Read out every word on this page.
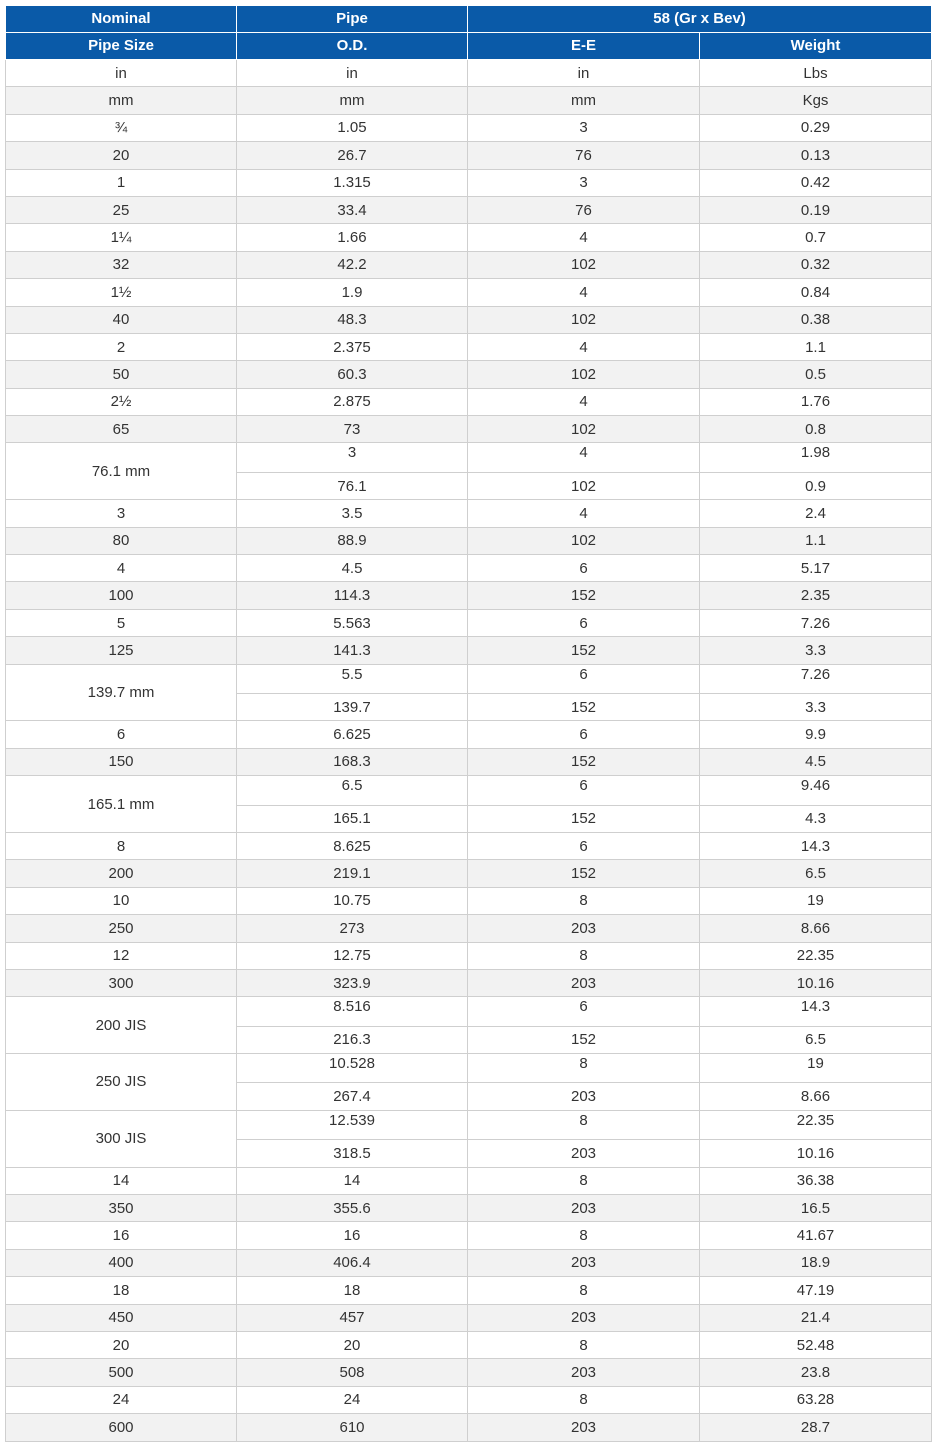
Nominal	Pipe	58 (Gr x Bev)	
Pipe Size	O.D.	E-E	Weight
in	in	in	Lbs
mm	mm	mm	Kgs
¾	1.05	3	0.29
20	26.7	76	0.13
1	1.315	3	0.42
25	33.4	76	0.19
1¼	1.66	4	0.7
32	42.2	102	0.32
1½	1.9	4	0.84
40	48.3	102	0.38
2	2.375	4	1.1
50	60.3	102	0.5
2½	2.875	4	1.76
65	73	102	0.8
76.1 mm	3	4	1.98
	76.1	102	0.9
3	3.5	4	2.4
80	88.9	102	1.1
4	4.5	6	5.17
100	114.3	152	2.35
5	5.563	6	7.26
125	141.3	152	3.3
139.7 mm	5.5	6	7.26
	139.7	152	3.3
6	6.625	6	9.9
150	168.3	152	4.5
165.1 mm	6.5	6	9.46
	165.1	152	4.3
8	8.625	6	14.3
200	219.1	152	6.5
10	10.75	8	19
250	273	203	8.66
12	12.75	8	22.35
300	323.9	203	10.16
200 JIS	8.516	6	14.3
	216.3	152	6.5
250 JIS	10.528	8	19
	267.4	203	8.66
300 JIS	12.539	8	22.35
	318.5	203	10.16
14	14	8	36.38
350	355.6	203	16.5
16	16	8	41.67
400	406.4	203	18.9
18	18	8	47.19
450	457	203	21.4
20	20	8	52.48
500	508	203	23.8
24	24	8	63.28
600	610	203	28.7
